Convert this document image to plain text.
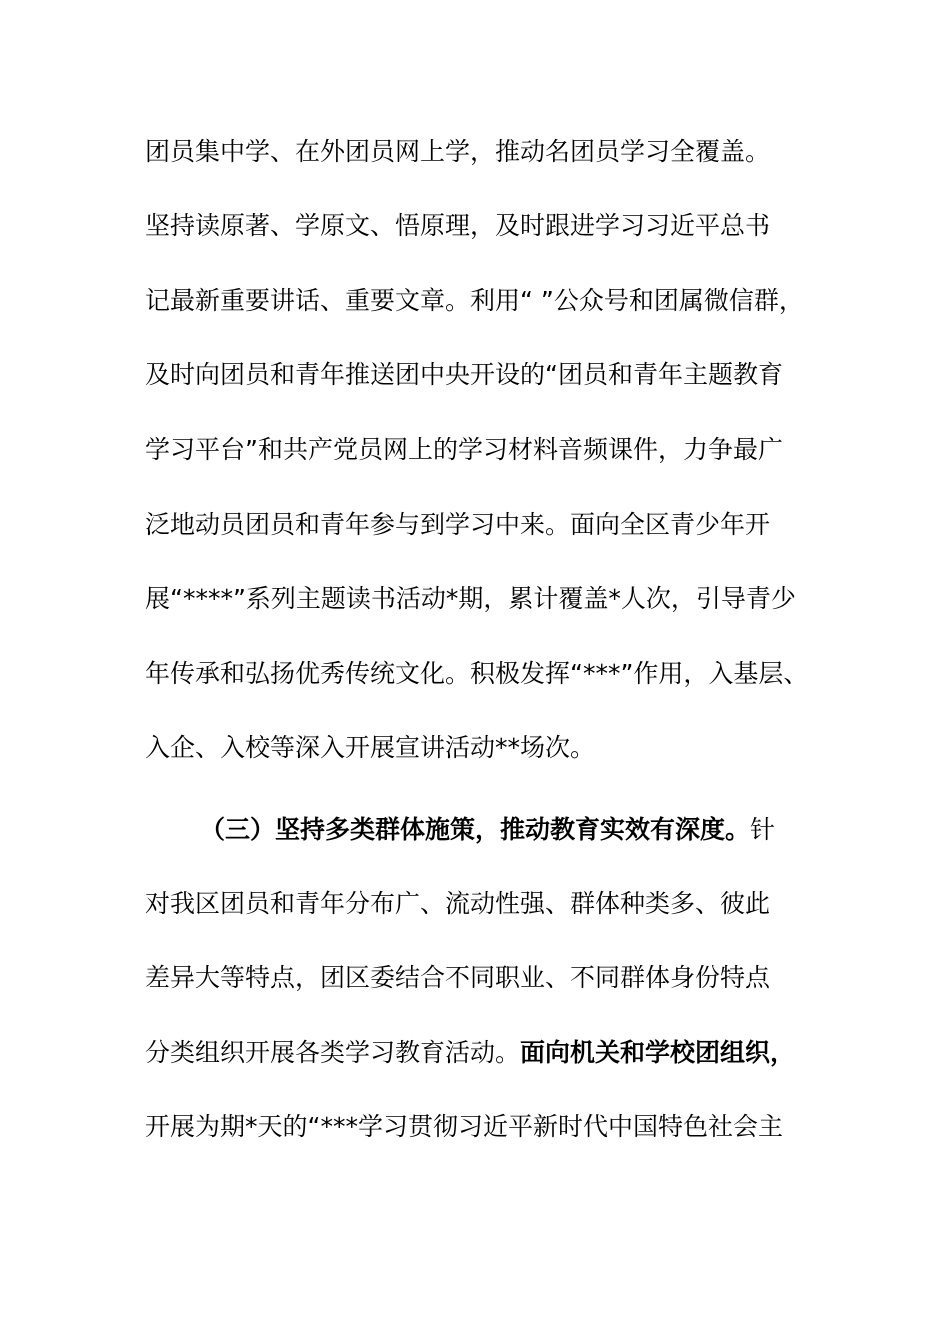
团员集中学、在外团员网上学，推动名团员学习全覆盖。
坚持读原著、学原文、悟原理，及时跟进学习习近平总书
记最新重要讲话、重要文章。利用“ ”公众号和团属微信群，
及时向团员和青年推送团中央开设的“团员和青年主题教育
学习平台”和共产党员网上的学习材料音频课件，力争最广
泛地动员团员和青年参与到学习中来。面向全区青少年开
展“****”系列主题读书活动*期，累计覆盖*人次，引导青少
年传承和弘扬优秀传统文化。积极发挥“***”作用，入基层、
入企、入校等深入开展宣讲活动**场次。
（三）坚持多类群体施策，推动教育实效有深度。针
对我区团员和青年分布广、流动性强、群体种类多、彼此
差异大等特点，团区委结合不同职业、不同群体身份特点
分类组织开展各类学习教育活动。面向机关和学校团组织，
开展为期*天的“***学习贯彻习近平新时代中国特色社会主
